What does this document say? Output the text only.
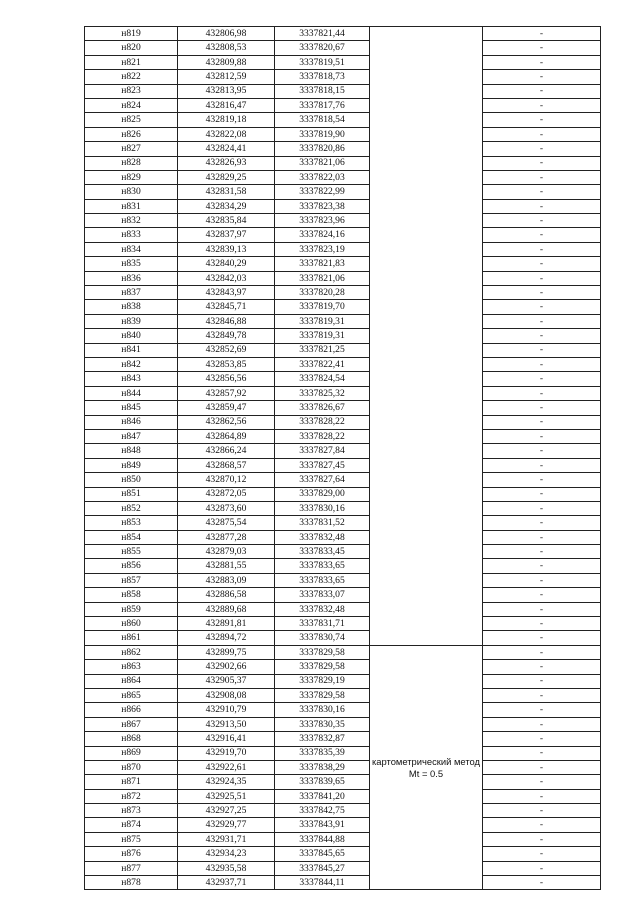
н819	432806,98	3337821,44		-
н820	432808,53	3337820,67		-
н821	432809,88	3337819,51		-
н822	432812,59	3337818,73		-
н823	432813,95	3337818,15		-
н824	432816,47	3337817,76		-
н825	432819,18	3337818,54		-
н826	432822,08	3337819,90		-
н827	432824,41	3337820,86		-
н828	432826,93	3337821,06		-
н829	432829,25	3337822,03		-
н830	432831,58	3337822,99		-
н831	432834,29	3337823,38		-
н832	432835,84	3337823,96		-
н833	432837,97	3337824,16		-
н834	432839,13	3337823,19		-
н835	432840,29	3337821,83		-
н836	432842,03	3337821,06		-
н837	432843,97	3337820,28		-
н838	432845,71	3337819,70		-
н839	432846,88	3337819,31		-
н840	432849,78	3337819,31		-
н841	432852,69	3337821,25		-
н842	432853,85	3337822,41		-
н843	432856,56	3337824,54		-
н844	432857,92	3337825,32		-
н845	432859,47	3337826,67		-
н846	432862,56	3337828,22		-
н847	432864,89	3337828,22		-
н848	432866,24	3337827,84		-
н849	432868,57	3337827,45		-
н850	432870,12	3337827,64		-
н851	432872,05	3337829,00		-
н852	432873,60	3337830,16		-
н853	432875,54	3337831,52		-
н854	432877,28	3337832,48		-
н855	432879,03	3337833,45		-
н856	432881,55	3337833,65		-
н857	432883,09	3337833,65		-
н858	432886,58	3337833,07		-
н859	432889,68	3337832,48		-
н860	432891,81	3337831,71		-
н861	432894,72	3337830,74		-
н862	432899,75	3337829,58	картометрический метод Mt = 0.5	-
н863	432902,66	3337829,58		-
н864	432905,37	3337829,19		-
н865	432908,08	3337829,58		-
н866	432910,79	3337830,16		-
н867	432913,50	3337830,35		-
н868	432916,41	3337832,87		-
н869	432919,70	3337835,39		-
н870	432922,61	3337838,29		-
н871	432924,35	3337839,65		-
н872	432925,51	3337841,20		-
н873	432927,25	3337842,75		-
н874	432929,77	3337843,91		-
н875	432931,71	3337844,88		-
н876	432934,23	3337845,65		-
н877	432935,58	3337845,27		-
н878	432937,71	3337844,11		-
